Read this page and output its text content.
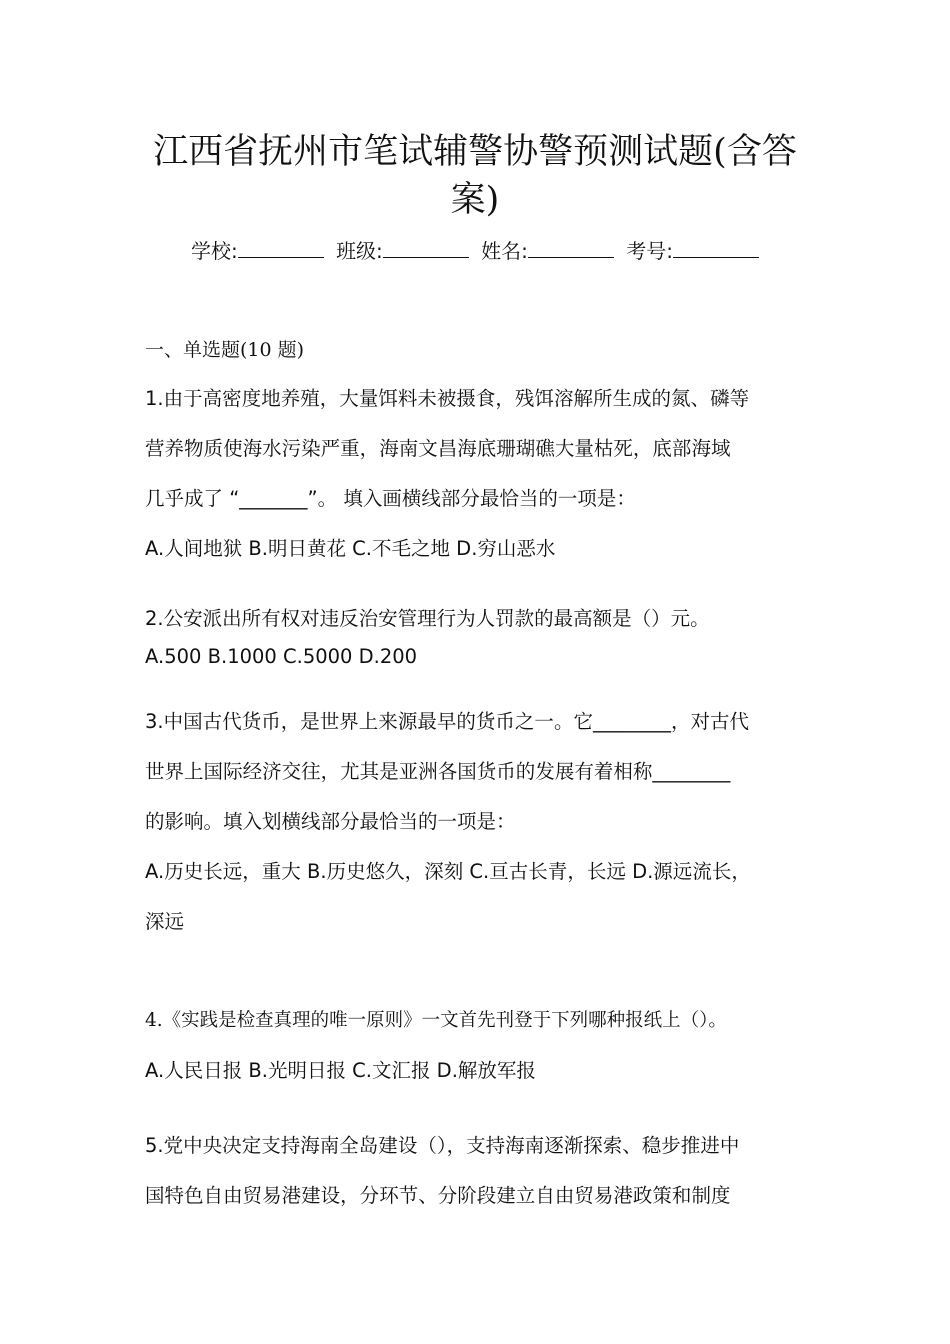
江西省抚州市笔试辅警协警预测试题(含答
案)
学校:	班级:	姓名:	考号:
一、单选题(10 题)
1.由于高密度地养殖，大量饵料未被摄食，残饵溶解所生成的氮、磷等
营养物质使海水污染严重，海南文昌海底珊瑚礁大量枯死，底部海域
几乎成了 “_______”。 填入画横线部分最恰当的一项是：
A.人间地狱 B.明日黄花 C.不毛之地 D.穷山恶水
2.公安派出所有权对违反治安管理行为人罚款的最高额是（）元。
A.500 B.1000 C.5000 D.200
3.中国古代货币，是世界上来源最早的货币之一。它________，对古代
世界上国际经济交往，尤其是亚洲各国货币的发展有着相称________
的影响。填入划横线部分最恰当的一项是：
A.历史长远，重大 B.历史悠久，深刻 C.亘古长青，长远 D.源远流长，
深远
4.《实践是检查真理的唯一原则》一文首先刊登于下列哪种报纸上（）。
A.人民日报 B.光明日报 C.文汇报 D.解放军报
5.党中央决定支持海南全岛建设（），支持海南逐渐探索、稳步推进中
国特色自由贸易港建设，分环节、分阶段建立自由贸易港政策和制度
